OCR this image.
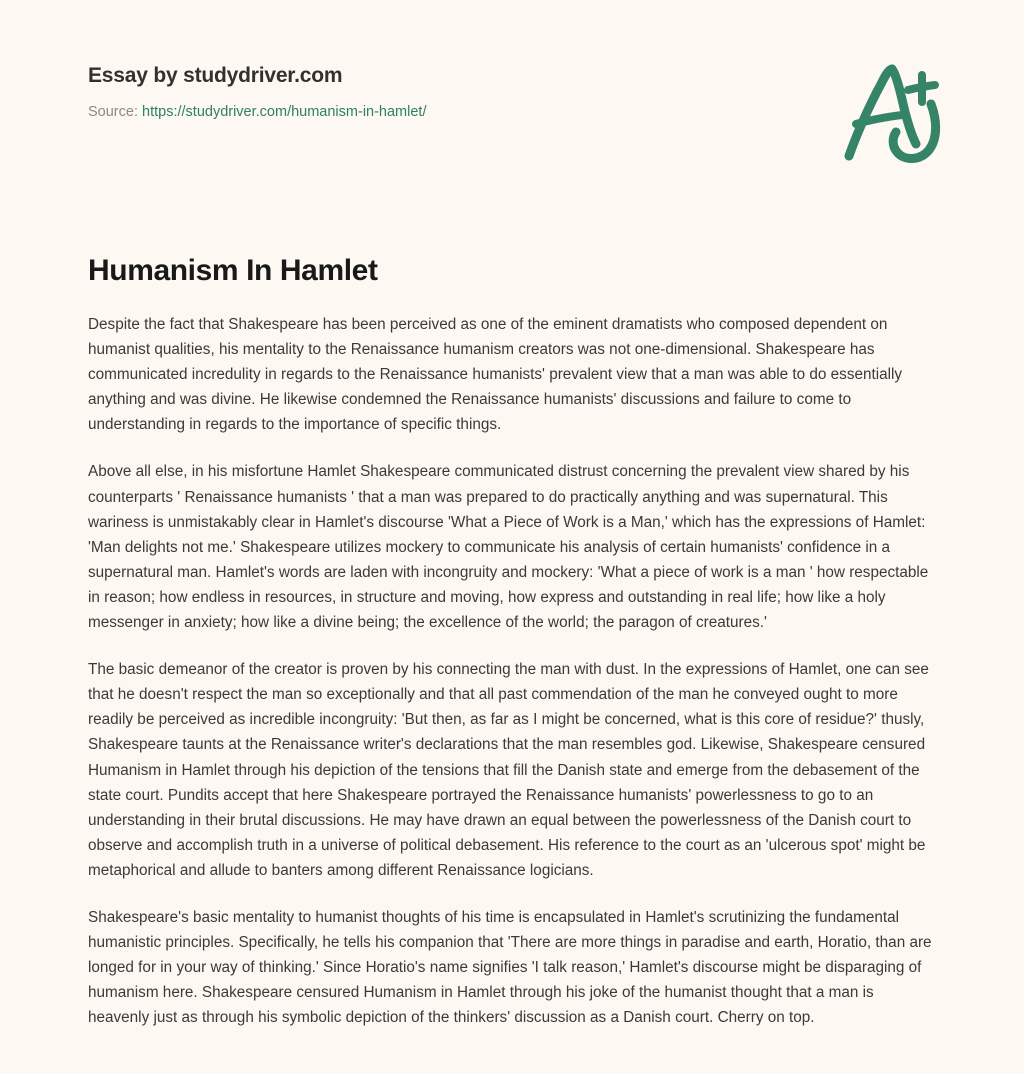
Essay by studydriver.com
Source: https://studydriver.com/humanism-in-hamlet/
Humanism In Hamlet

Despite the fact that Shakespeare has been perceived as one of the eminent dramatists who composed dependent on humanist qualities, his mentality to the Renaissance humanism creators was not one-dimensional. Shakespeare has communicated incredulity in regards to the Renaissance humanists' prevalent view that a man was able to do essentially anything and was divine. He likewise condemned the Renaissance humanists' discussions and failure to come to understanding in regards to the importance of specific things.

Above all else, in his misfortune Hamlet Shakespeare communicated distrust concerning the prevalent view shared by his counterparts ' Renaissance humanists ' that a man was prepared to do practically anything and was supernatural. This wariness is unmistakably clear in Hamlet's discourse 'What a Piece of Work is a Man,' which has the expressions of Hamlet: 'Man delights not me.' Shakespeare utilizes mockery to communicate his analysis of certain humanists' confidence in a supernatural man. Hamlet's words are laden with incongruity and mockery: 'What a piece of work is a man ' how respectable in reason; how endless in resources, in structure and moving, how express and outstanding in real life; how like a holy messenger in anxiety; how like a divine being; the excellence of the world; the paragon of creatures.'

The basic demeanor of the creator is proven by his connecting the man with dust. In the expressions of Hamlet, one can see that he doesn't respect the man so exceptionally and that all past commendation of the man he conveyed ought to more readily be perceived as incredible incongruity: 'But then, as far as I might be concerned, what is this core of residue?' thusly, Shakespeare taunts at the Renaissance writer's declarations that the man resembles god. Likewise, Shakespeare censured Humanism in Hamlet through his depiction of the tensions that fill the Danish state and emerge from the debasement of the state court. Pundits accept that here Shakespeare portrayed the Renaissance humanists' powerlessness to go to an understanding in their brutal discussions. He may have drawn an equal between the powerlessness of the Danish court to observe and accomplish truth in a universe of political debasement. His reference to the court as an 'ulcerous spot' might be metaphorical and allude to banters among different Renaissance logicians.

Shakespeare's basic mentality to humanist thoughts of his time is encapsulated in Hamlet's scrutinizing the fundamental humanistic principles. Specifically, he tells his companion that 'There are more things in paradise and earth, Horatio, than are longed for in your way of thinking.' Since Horatio's name signifies 'I talk reason,' Hamlet's discourse might be disparaging of humanism here. Shakespeare censured Humanism in Hamlet through his joke of the humanist thought that a man is heavenly just as through his symbolic depiction of the thinkers' discussion as a Danish court. Cherry on top.
